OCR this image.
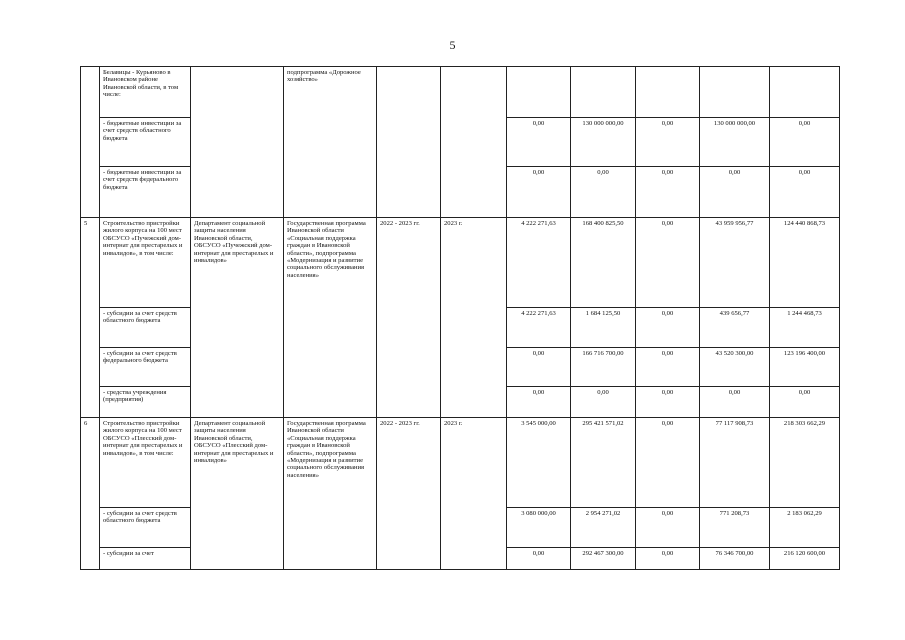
5
	Белавицы - Курьяново в Ивановском районе Ивановской области, в том числе:		подпрограмма «Дорожное хозяйство»							
	- бюджетные инвестиции за счет средств областного бюджета					0,00	130 000 000,00	0,00	130 000 000,00	0,00
	- бюджетные инвестиции за счет средств федерального бюджета					0,00	0,00	0,00	0,00	0,00
5	Строительство пристройки жилого корпуса на 100 мест ОБСУСО «Пучежский дом-интернат для престарелых и инвалидов», в том числе:	Департамент социальной защиты населения Ивановской области, ОБСУСО «Пучежский дом-интернат для престарелых и инвалидов»	Государственная программа Ивановской области «Социальная поддержка граждан в Ивановской области», подпрограмма «Модернизация и развитие социального обслуживания населения»	2022 - 2023 гг.	2023 г.	4 222 271,63	168 400 825,50	0,00	43 959 956,77	124 440 868,73
	- субсидии за счет средств областного бюджета					4 222 271,63	1 684 125,50	0,00	439 656,77	1 244 468,73
	- субсидии за счет средств федерального бюджета					0,00	166 716 700,00	0,00	43 520 300,00	123 196 400,00
	- средства учреждения (предприятия)					0,00	0,00	0,00	0,00	0,00
6	Строительство пристройки жилого корпуса на 100 мест ОБСУСО «Плесский дом-интернат для престарелых и инвалидов», в том числе:	Департамент социальной защиты населения Ивановской области, ОБСУСО «Плесский дом-интернат для престарелых и инвалидов»	Государственная программа Ивановской области «Социальная поддержка граждан в Ивановской области», подпрограмма «Модернизация и развитие социального обслуживания населения»	2022 - 2023 гг.	2023 г.	3 545 000,00	295 421 571,02	0,00	77 117 908,73	218 303 662,29
	- субсидии за счет средств областного бюджета					3 080 000,00	2 954 271,02	0,00	771 208,73	2 183 062,29
	- субсидии за счет					0,00	292 467 300,00	0,00	76 346 700,00	216 120 600,00
